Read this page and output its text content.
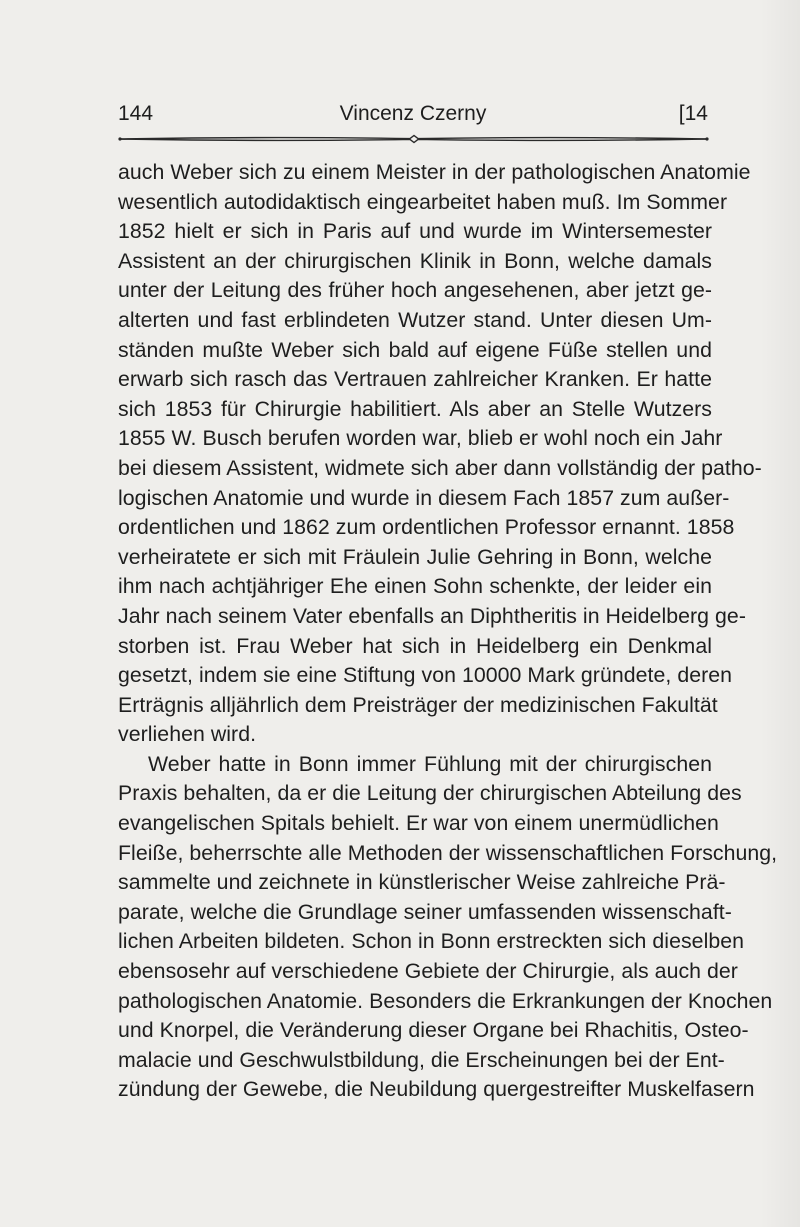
144	Vincenz Czerny	[14
auch Weber sich zu einem Meister in der pathologischen Anatomie
wesentlich autodidaktisch eingearbeitet haben muß. Im Sommer
1852 hielt er sich in Paris auf und wurde im Wintersemester
Assistent an der chirurgischen Klinik in Bonn, welche damals
unter der Leitung des früher hoch angesehenen, aber jetzt ge-
alterten und fast erblindeten Wutzer stand. Unter diesen Um-
ständen mußte Weber sich bald auf eigene Füße stellen und
erwarb sich rasch das Vertrauen zahlreicher Kranken. Er hatte
sich 1853 für Chirurgie habilitiert. Als aber an Stelle Wutzers
1855 W. Busch berufen worden war, blieb er wohl noch ein Jahr
bei diesem Assistent, widmete sich aber dann vollständig der patho-
logischen Anatomie und wurde in diesem Fach 1857 zum außer-
ordentlichen und 1862 zum ordentlichen Professor ernannt. 1858
verheiratete er sich mit Fräulein Julie Gehring in Bonn, welche
ihm nach achtjähriger Ehe einen Sohn schenkte, der leider ein
Jahr nach seinem Vater ebenfalls an Diphtheritis in Heidelberg ge-
storben ist. Frau Weber hat sich in Heidelberg ein Denkmal
gesetzt, indem sie eine Stiftung von 10000 Mark gründete, deren
Erträgnis alljährlich dem Preisträger der medizinischen Fakultät
verliehen wird.
Weber hatte in Bonn immer Fühlung mit der chirurgischen
Praxis behalten, da er die Leitung der chirurgischen Abteilung des
evangelischen Spitals behielt. Er war von einem unermüdlichen
Fleiße, beherrschte alle Methoden der wissenschaftlichen Forschung,
sammelte und zeichnete in künstlerischer Weise zahlreiche Prä-
parate, welche die Grundlage seiner umfassenden wissenschaft-
lichen Arbeiten bildeten. Schon in Bonn erstreckten sich dieselben
ebensosehr auf verschiedene Gebiete der Chirurgie, als auch der
pathologischen Anatomie. Besonders die Erkrankungen der Knochen
und Knorpel, die Veränderung dieser Organe bei Rhachitis, Osteo-
malacie und Geschwulstbildung, die Erscheinungen bei der Ent-
zündung der Gewebe, die Neubildung quergestreifter Muskelfasern
